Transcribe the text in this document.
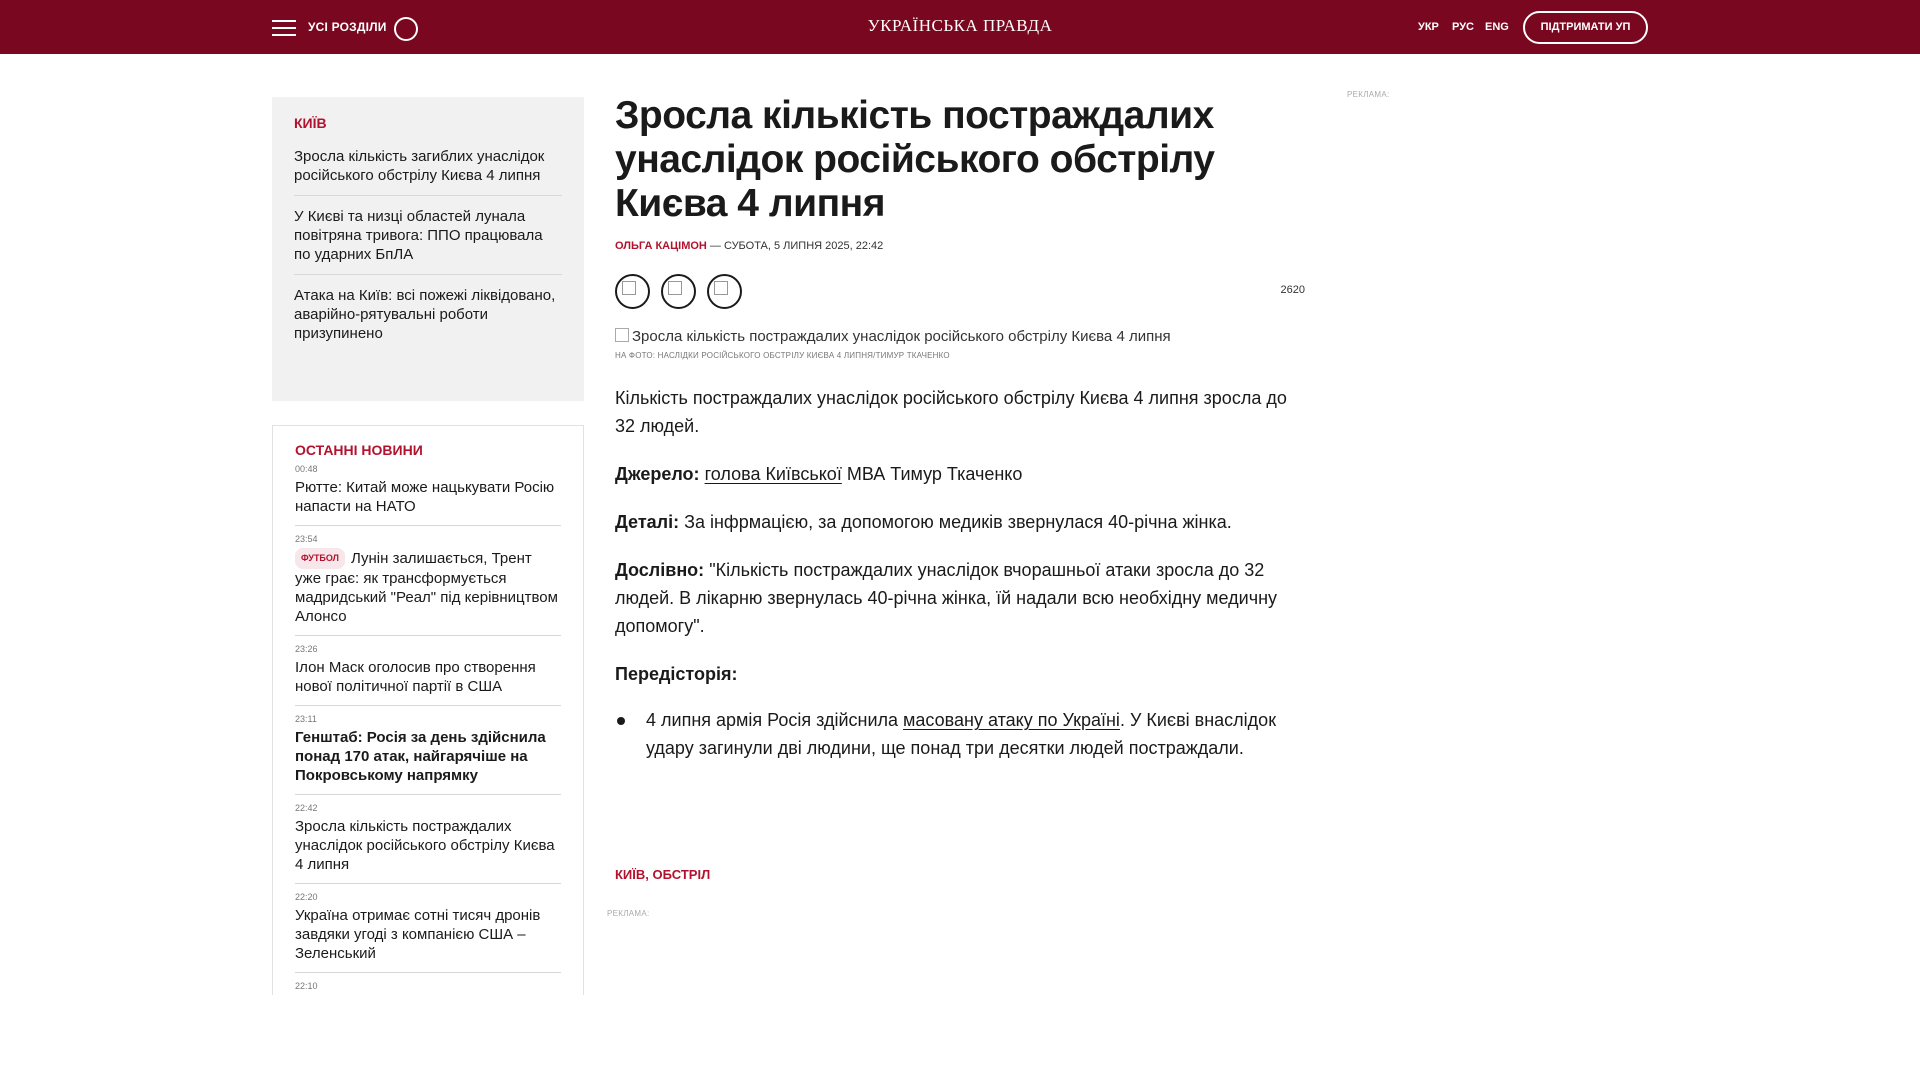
УСІ РОЗДІЛИ	УКРАЇНСЬКА ПРАВДА	УКР РУС ENG	ПІДТРИМАТИ УП
КИЇВ
Зросла кількість загиблих унаслідок російського обстрілу Києва 4 липня
У Києві та низці областей лунала повітряна тривога: ППО працювала по ударних БпЛА
Атака на Київ: всі пожежі ліквідовано, аварійно-рятувальні роботи призупинено
ОСТАННІ НОВИНИ
00:48
Рютте: Китай може нацькувати Росію напасти на НАТО
23:54
ФУТБОЛ Лунін залишається, Трент уже грає: як трансформується мадридський "Реал" під керівництвом Алонсо
23:26
Ілон Маск оголосив про створення нової політичної партії в США
23:11
Генштаб: Росія за день здійснила понад 170 атак, найгарячіше на Покровському напрямку
22:42
Зросла кількість постраждалих унаслідок російського обстрілу Києва 4 липня
22:20
Україна отримає сотні тисяч дронів завдяки угоді з компанією США – Зеленський
22:10
Зросла кількість постраждалих унаслідок російського обстрілу Києва 4 липня
ОЛЬГА КАЦІМОН — СУБОТА, 5 ЛИПНЯ 2025, 22:42
2620
Зросла кількість постраждалих унаслідок російського обстрілу Києва 4 липня
НА ФОТО: НАСЛІДКИ РОСІЙСЬКОГО ОБСТРІЛУ КИЄВА 4 ЛИПНЯ/ТИМУР ТКАЧЕНКО

Кількість постраждалих унаслідок російського обстрілу Києва 4 липня зросла до 32 людей.

Джерело: голова Київської МВА Тимур Ткаченко

Деталі: За інфрмацією, за допомогою медиків звернулася 40-річна жінка.

Дослівно: "Кількість постраждалих унаслідок вчорашньої атаки зросла до 32 людей. В лікарню звернулась 40-річна жінка, їй надали всю необхідну медичну допомогу".

Передісторія:

4 липня армія Росія здійснила масовану атаку по Україні. У Києві внаслідок удару загинули дві людини, ще понад три десятки людей постраждали.
КИЇВ, ОБСТРІЛ
РЕКЛАМА:
РЕКЛАМА:
